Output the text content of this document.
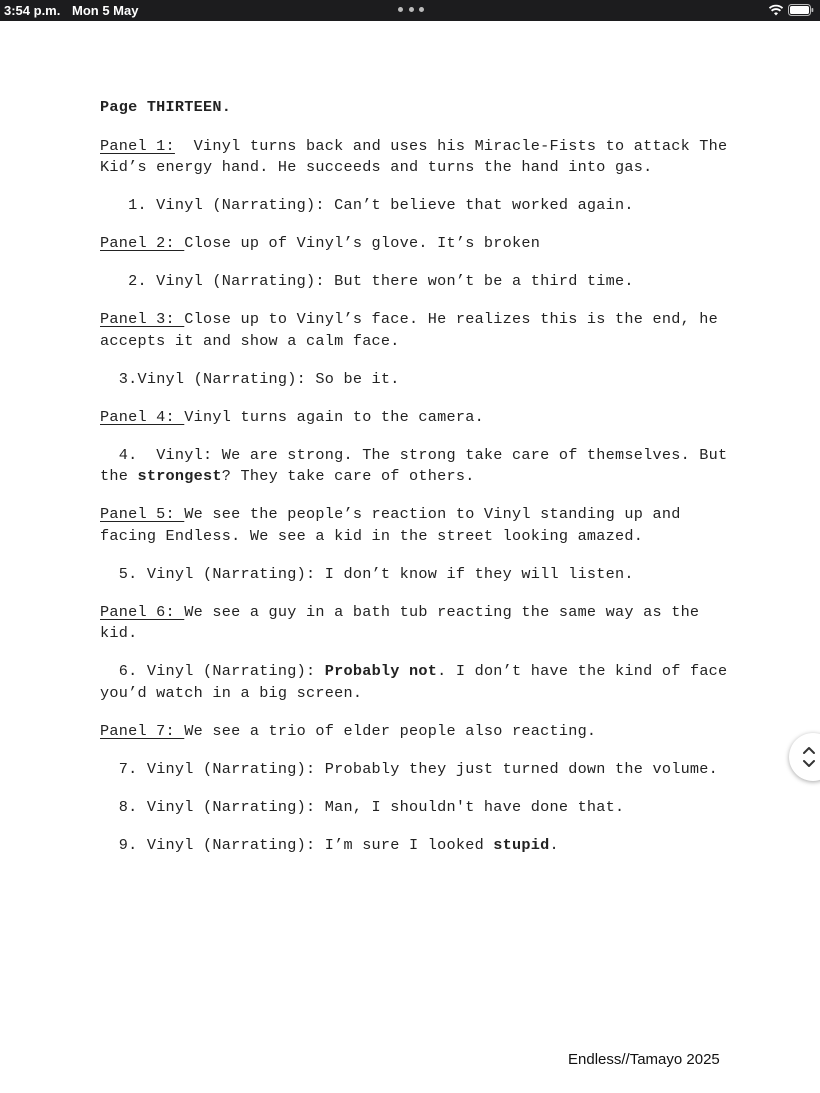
3:54 p.m. Mon 5 May

Page THIRTEEN.

Panel 1:  Vinyl turns back and uses his Miracle-Fists to attack The Kid’s energy hand. He succeeds and turns the hand into gas.

1. Vinyl (Narrating): Can’t believe that worked again.

Panel 2: Close up of Vinyl’s glove. It’s broken

2. Vinyl (Narrating): But there won’t be a third time.

Panel 3: Close up to Vinyl’s face. He realizes this is the end, he accepts it and show a calm face.

3.Vinyl (Narrating): So be it.

Panel 4: Vinyl turns again to the camera.

4.  Vinyl: We are strong. The strong take care of themselves. But the strongest? They take care of others.

Panel 5: We see the people’s reaction to Vinyl standing up and facing Endless. We see a kid in the street looking amazed.

5. Vinyl (Narrating): I don’t know if they will listen.

Panel 6: We see a guy in a bath tub reacting the same way as the kid.

6. Vinyl (Narrating): Probably not. I don’t have the kind of face you’d watch in a big screen.

Panel 7: We see a trio of elder people also reacting.

7. Vinyl (Narrating): Probably they just turned down the volume.

8. Vinyl (Narrating): Man, I shouldn't have done that.

9. Vinyl (Narrating): I’m sure I looked stupid.

Endless//Tamayo 2025
